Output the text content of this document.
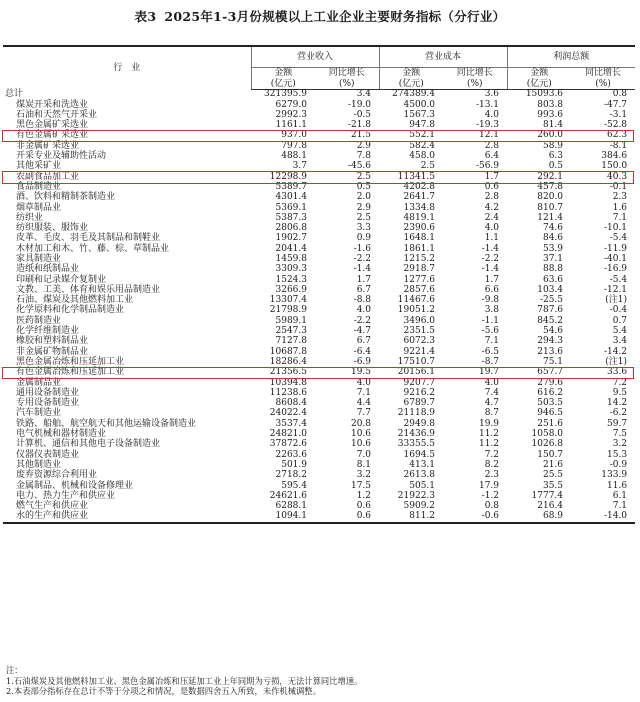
表3 2025年1-3月份规模以上工业企业主要财务指标（分行业）
行　业	营业收入		营业成本		利润总额	
	金额	同比增长	金额	同比增长	金额	同比增长
	(亿元)	(%)	(亿元)	(%)	(亿元)	(%)
总计	321395.9	3.4	274389.4	3.6	15093.6	0.8
煤炭开采和洗选业	6279.0	-19.0	4500.0	-13.1	803.8	-47.7
石油和天然气开采业	2992.3	-0.5	1567.3	4.0	993.6	-3.1
黑色金属矿采选业	1161.1	-21.8	947.8	-19.3	81.4	-52.8
有色金属矿采选业	937.0	21.5	552.1	12.1	260.0	62.3
非金属矿采选业	797.8	2.9	582.4	2.8	58.9	-8.1
开采专业及辅助性活动	488.1	7.8	458.0	6.4	6.3	384.6
其他采矿业	3.7	-45.6	2.5	-56.9	0.5	150.0
农副食品加工业	12298.9	2.5	11341.5	1.7	292.1	40.3
食品制造业	5389.7	0.5	4202.8	0.6	457.8	-0.1
酒、饮料和精制茶制造业	4301.4	2.0	2641.7	2.8	820.0	2.3
烟草制品业	5369.1	2.9	1334.8	4.2	810.7	1.6
纺织业	5387.3	2.5	4819.1	2.4	121.4	7.1
纺织服装、服饰业	2806.8	3.3	2390.6	4.0	74.6	-10.1
皮革、毛皮、羽毛及其制品和制鞋业	1902.7	0.9	1648.1	1.1	84.6	-5.4
木材加工和木、竹、藤、棕、草制品业	2041.4	-1.6	1861.1	-1.4	53.9	-11.9
家具制造业	1459.8	-2.2	1215.2	-2.2	37.1	-40.1
造纸和纸制品业	3309.3	-1.4	2918.7	-1.4	88.8	-16.9
印刷和记录媒介复制业	1524.3	1.7	1277.6	1.7	63.6	-5.4
文教、工美、体育和娱乐用品制造业	3266.9	6.7	2857.6	6.6	103.4	-12.1
石油、煤炭及其他燃料加工业	13307.4	-8.8	11467.6	-9.8	-25.5	(注1)
化学原料和化学制品制造业	21798.9	4.0	19051.2	3.8	787.6	-0.4
医药制造业	5989.1	-2.2	3496.0	-1.1	845.2	0.7
化学纤维制造业	2547.3	-4.7	2351.5	-5.6	54.6	5.4
橡胶和塑料制品业	7127.8	6.7	6072.3	7.1	294.3	3.4
非金属矿物制品业	10687.8	-6.4	9221.4	-6.5	213.6	-14.2
黑色金属冶炼和压延加工业	18286.4	-6.9	17510.7	-8.7	75.1	(注1)
有色金属冶炼和压延加工业	21356.5	19.5	20156.1	19.7	657.7	33.6
金属制品业	10394.8	4.0	9207.7	4.0	279.6	7.2
通用设备制造业	11238.6	7.1	9216.2	7.4	616.2	9.5
专用设备制造业	8608.4	4.4	6789.7	4.7	503.5	14.2
汽车制造业	24022.4	7.7	21118.9	8.7	946.5	-6.2
铁路、船舶、航空航天和其他运输设备制造业	3537.4	20.8	2949.8	19.9	251.6	59.7
电气机械和器材制造业	24821.0	10.6	21436.9	11.2	1058.0	7.5
计算机、通信和其他电子设备制造业	37872.6	10.6	33355.5	11.2	1026.8	3.2
仪器仪表制造业	2263.6	7.0	1694.5	7.2	150.7	15.3
其他制造业	501.9	8.1	413.1	8.2	21.6	-0.9
废弃资源综合利用业	2718.2	3.2	2613.8	2.3	25.5	133.9
金属制品、机械和设备修理业	595.4	17.5	505.1	17.9	35.5	11.6
电力、热力生产和供应业	24621.6	1.2	21922.3	-1.2	1777.4	6.1
燃气生产和供应业	6288.1	0.6	5909.2	0.8	216.4	7.1
水的生产和供应业	1094.1	0.6	811.2	-0.6	68.9	-14.0
注：
1.石油煤炭及其他燃料加工业、黑色金属冶炼和压延加工业上年同期为亏损，无法计算同比增速。
2.本表部分指标存在总计不等于分项之和情况，是数据四舍五入所致，未作机械调整。
